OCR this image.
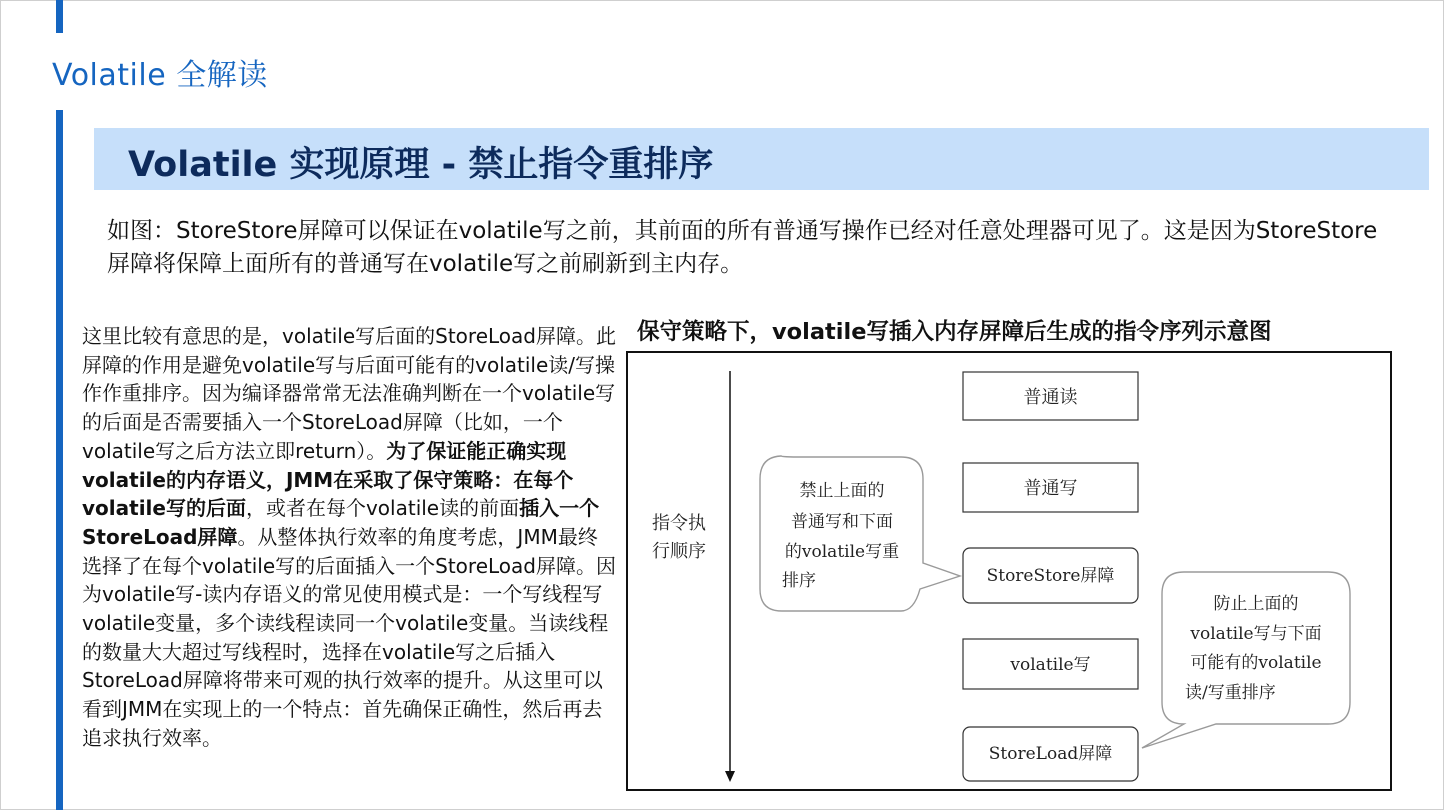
Volatile 全解读
Volatile 实现原理 - 禁止指令重排序

如图：StoreStore屏障可以保证在volatile写之前，其前面的所有普通写操作已经对任意处理器可见了。这是因为StoreStore屏障将保障上面所有的普通写在volatile写之前刷新到主内存。

这里比较有意思的是，volatile写后面的StoreLoad屏障。此屏障的作用是避免volatile写与后面可能有的volatile读/写操作作重排序。因为编译器常常无法准确判断在一个volatile写的后面是否需要插入一个StoreLoad屏障（比如，一个volatile写之后方法立即return）。为了保证能正确实现volatile的内存语义，JMM在采取了保守策略：在每个volatile写的后面，或者在每个volatile读的前面插入一个StoreLoad屏障。从整体执行效率的角度考虑，JMM最终选择了在每个volatile写的后面插入一个StoreLoad屏障。因为volatile写-读内存语义的常见使用模式是：一个写线程写volatile变量，多个读线程读同一个volatile变量。当读线程的数量大大超过写线程时，选择在volatile写之后插入StoreLoad屏障将带来可观的执行效率的提升。从这里可以看到JMM在实现上的一个特点：首先确保正确性，然后再去追求执行效率。

保守策略下，volatile写插入内存屏障后生成的指令序列示意图
指令执
行顺序
普通读
普通写
StoreStore屏障
volatile写
StoreLoad屏障
禁止上面的
普通写和下面
的volatile写重
排序
防止上面的
volatile写与下面
可能有的volatile
读/写重排序
